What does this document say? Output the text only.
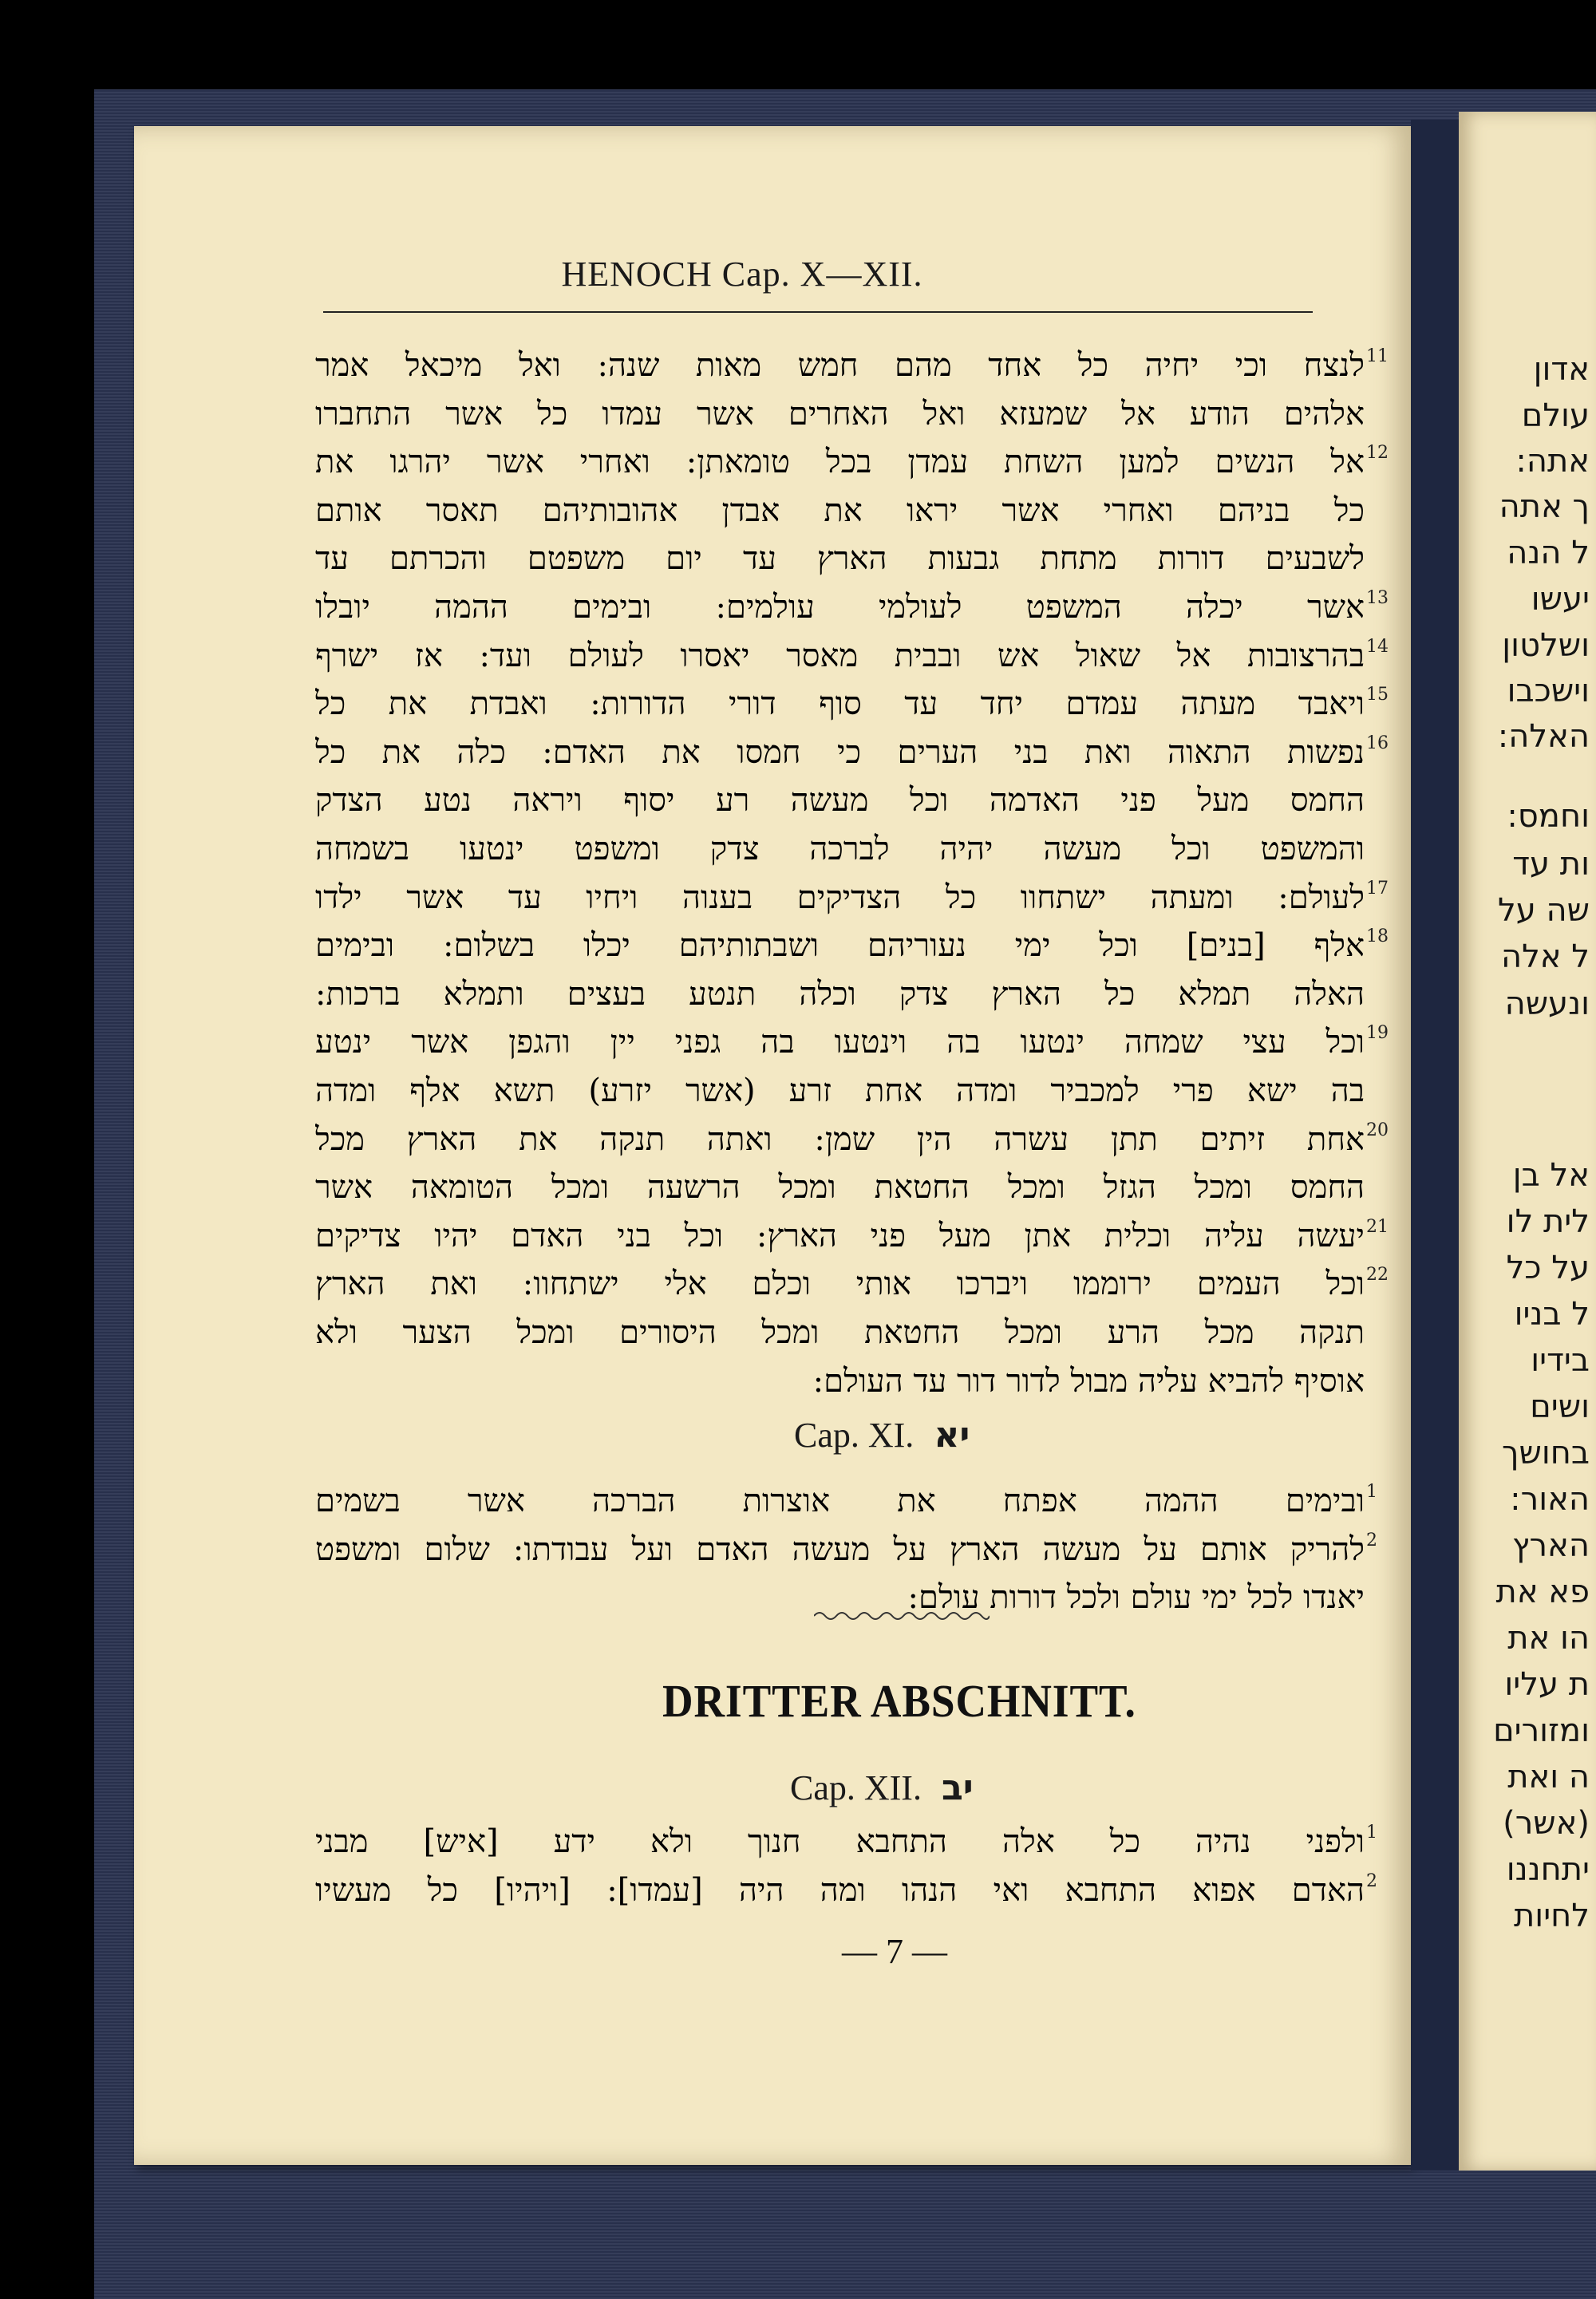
אדון
עולם
אתה:
ך אתה
ל הנה
יעשו
ושלטון
וישכבו
האלה:
וחמס:
ות עד
שה על
ל אלה
ונעשה
אל בן
לית לו
על כל
ל בניו
בידיו
ושים
בחושך
האור:
הארץ
פא את
הו את
ת עליו
ומזורים
ה ואת
(אשר)
יתחננו
לחיות
HENOCH Cap. X—XII.
לנצח וכי יחיה כל אחד מהם חמש מאות שנה: ואל מיכאל אמר 11
אלהים הודע אל שמעזא ואל האחרים אשר עמדו כל אשר התחברו
אל הנשים למען השחת עמדן בכל טומאתן: ואחרי אשר יהרגו את 12
כל בניהם ואחרי אשר יראו את אבדן אהובותיהם תאסר אותם
לשבעים דורות מתחת גבעות הארץ עד יום משפטם והכרתם עד
אשר יכלה המשפט לעולמי עולמים: ובימים ההמה יובלו 13
בהרצובות אל שאול אש ובבית מאסר יאסרו לעולם ועד: אז ישרף 14
ויאבד מעתה עמדם יחד עד סוף דורי הדורות: ואבדת את כל 15
נפשות התאוה ואת בני הערים כי חמסו את האדם: כלה את כל 16
החמס מעל פני האדמה וכל מעשה רע יסוף ויראה נטע הצדק
והמשפט וכל מעשה יהיה לברכה צדק ומשפט ינטעו בשמחה
לעולם: ומעתה ישתחוו כל הצדיקים בענוה ויחיו עד אשר ילדו 17
אלף [בנים] וכל ימי נעוריהם ושבתותיהם יכלו בשלום: ובימים 18
האלה תמלא כל הארץ צדק וכלה תנטע בעצים ותמלא ברכות:
וכל עצי שמחה ינטעו בה וינטעו בה גפני יין והגפן אשר ינטע 19
בה ישא פרי למכביר ומדה אחת זרע (אשר יזרע) תשא אלף ומדה
אחת זיתים תתן עשרה הין שמן: ואתה תנקה את הארץ מכל 20
החמס ומכל הגזל ומכל החטאת ומכל הרשעה ומכל הטומאה אשר
יעשה עליה וכלית אתן מעל פני הארץ: וכל בני האדם יהיו צדיקים 21
וכל העמים ירוממו ויברכו אותי וכלם אלי ישתחוו: ואת הארץ 22
תנקה מכל הרע ומכל החטאת ומכל היסורים ומכל הצער ולא
אוסיף להביא עליה מבול לדור דור עד העולם:
Cap. XI. יא
ובימים ההמה אפתח את אוצרות הברכה אשר בשמים 1
להריק אותם על מעשה הארץ על מעשה האדם ועל עבודתו: שלום ומשפט 2
יאנדו לכל ימי עולם ולכל דורות עולם:
DRITTER ABSCHNITT.
Cap. XII. יב
ולפני נהיה כל אלה התחבא חנוך ולא ידע [איש] מבני 1
האדם אפוא התחבא ואי הנהו ומה היה [עמדו]: [ויהיו] כל מעשיו 2
— 7 —
